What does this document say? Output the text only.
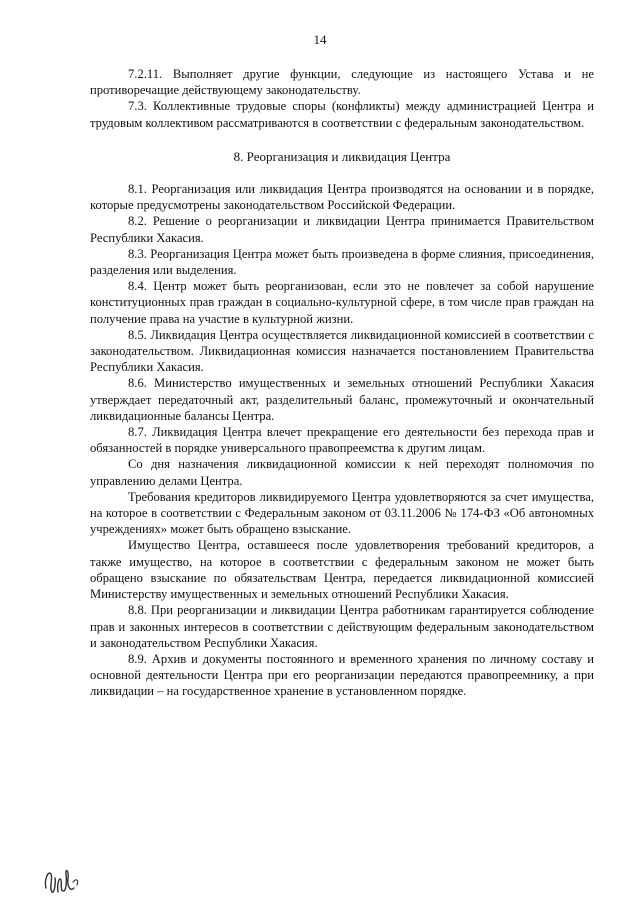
14

7.2.11. Выполняет другие функции, следующие из настоящего Устава и не противоречащие действующему законодательству.

7.3. Коллективные трудовые споры (конфликты) между администрацией Центра и трудовым коллективом рассматриваются в соответствии с федеральным законодательством.

8. Реорганизация и ликвидация Центра

8.1. Реорганизация или ликвидация Центра производятся на основании и в порядке, которые предусмотрены законодательством Российской Федерации.

8.2. Решение о реорганизации и ликвидации Центра принимается Правительством Республики Хакасия.

8.3. Реорганизация Центра может быть произведена в форме слияния, присоединения, разделения или выделения.

8.4. Центр может быть реорганизован, если это не повлечет за собой нарушение конституционных прав граждан в социально-культурной сфере, в том числе прав граждан на получение права на участие в культурной жизни.

8.5. Ликвидация Центра осуществляется ликвидационной комиссией в соответствии с законодательством. Ликвидационная комиссия назначается постановлением Правительства Республики Хакасия.

8.6. Министерство имущественных и земельных отношений Республики Хакасия утверждает передаточный акт, разделительный баланс, промежуточный и окончательный ликвидационные балансы Центра.

8.7. Ликвидация Центра влечет прекращение его деятельности без перехода прав и обязанностей в порядке универсального правопреемства к другим лицам.

Со дня назначения ликвидационной комиссии к ней переходят полномочия по управлению делами Центра.

Требования кредиторов ликвидируемого Центра удовлетворяются за счет имущества, на которое в соответствии с Федеральным законом от 03.11.2006 № 174-ФЗ «Об автономных учреждениях» может быть обращено взыскание.

Имущество Центра, оставшееся после удовлетворения требований кредиторов, а также имущество, на которое в соответствии с федеральным законом не может быть обращено взыскание по обязательствам Центра, передается ликвидационной комиссией Министерству имущественных и земельных отношений Республики Хакасия.

8.8. При реорганизации и ликвидации Центра работникам гарантируется соблюдение прав и законных интересов в соответствии с действующим федеральным законодательством и законодательством Республики Хакасия.

8.9. Архив и документы постоянного и временного хранения по личному составу и основной деятельности Центра при его реорганизации передаются правопреемнику, а при ликвидации – на государственное хранение в установленном порядке.
